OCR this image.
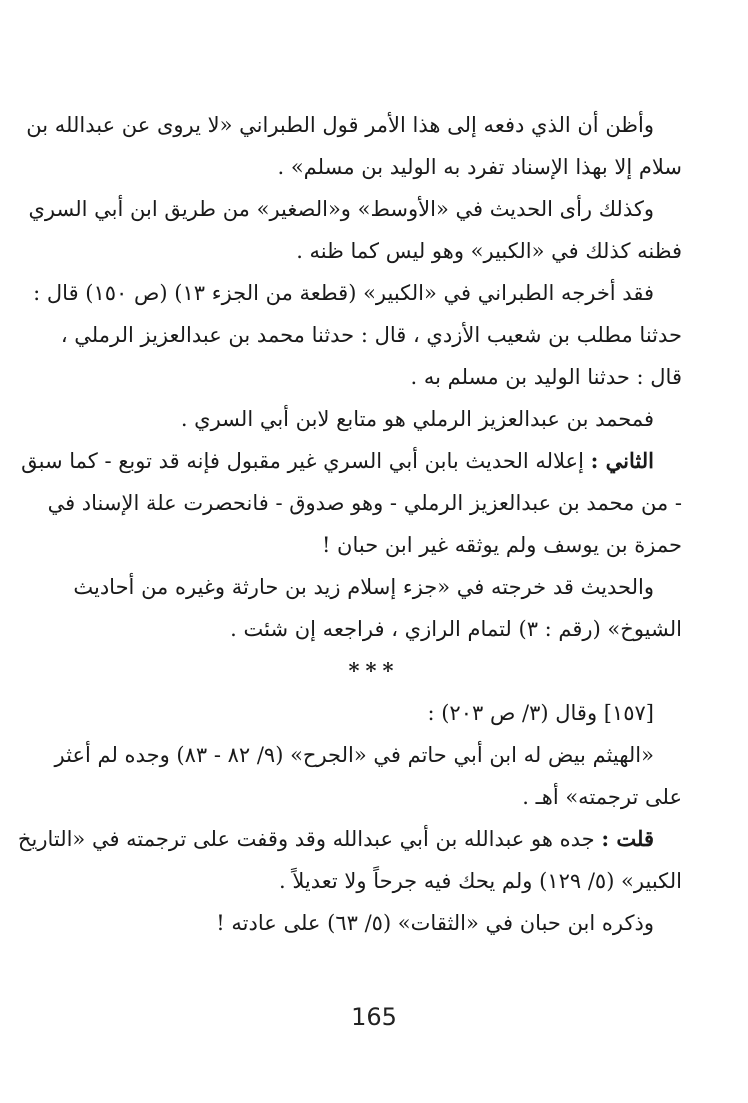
وأظن أن الذي دفعه إلى هذا الأمر قول الطبراني «لا يروى عن عبدالله بن
سلام إلا بهذا الإسناد تفرد به الوليد بن مسلم» .
وكذلك رأى الحديث في «الأوسط» و«الصغير» من طريق ابن أبي السري
فظنه كذلك في «الكبير» وهو ليس كما ظنه .
فقد أخرجه الطبراني في «الكبير» (قطعة من الجزء ١٣) (ص ١٥٠) قال :
حدثنا مطلب بن شعيب الأزدي ، قال : حدثنا محمد بن عبدالعزيز الرملي ،
قال : حدثنا الوليد بن مسلم به .
فمحمد بن عبدالعزيز الرملي هو متابع لابن أبي السري .
الثاني : إعلاله الحديث بابن أبي السري غير مقبول فإنه قد توبع - كما سبق
- من محمد بن عبدالعزيز الرملي - وهو صدوق - فانحصرت علة الإسناد في
حمزة بن يوسف ولم يوثقه غير ابن حبان !
والحديث قد خرجته في «جزء إسلام زيد بن حارثة وغيره من أحاديث
الشيوخ» (رقم : ٣) لتمام الرازي ، فراجعه إن شئت .
***
[١٥٧] وقال (٣/ ص ٢٠٣) :
«الهيثم بيض له ابن أبي حاتم في «الجرح» (٩/ ٨٢ - ٨٣) وجده لم أعثر
على ترجمته» أهـ .
قلت : جده هو عبدالله بن أبي عبدالله وقد وقفت على ترجمته في «التاريخ
الكبير» (٥/ ١٢٩) ولم يحك فيه جرحاً ولا تعديلاً .
وذكره ابن حبان في «الثقات» (٥/ ٦٣) على عادته !
165
